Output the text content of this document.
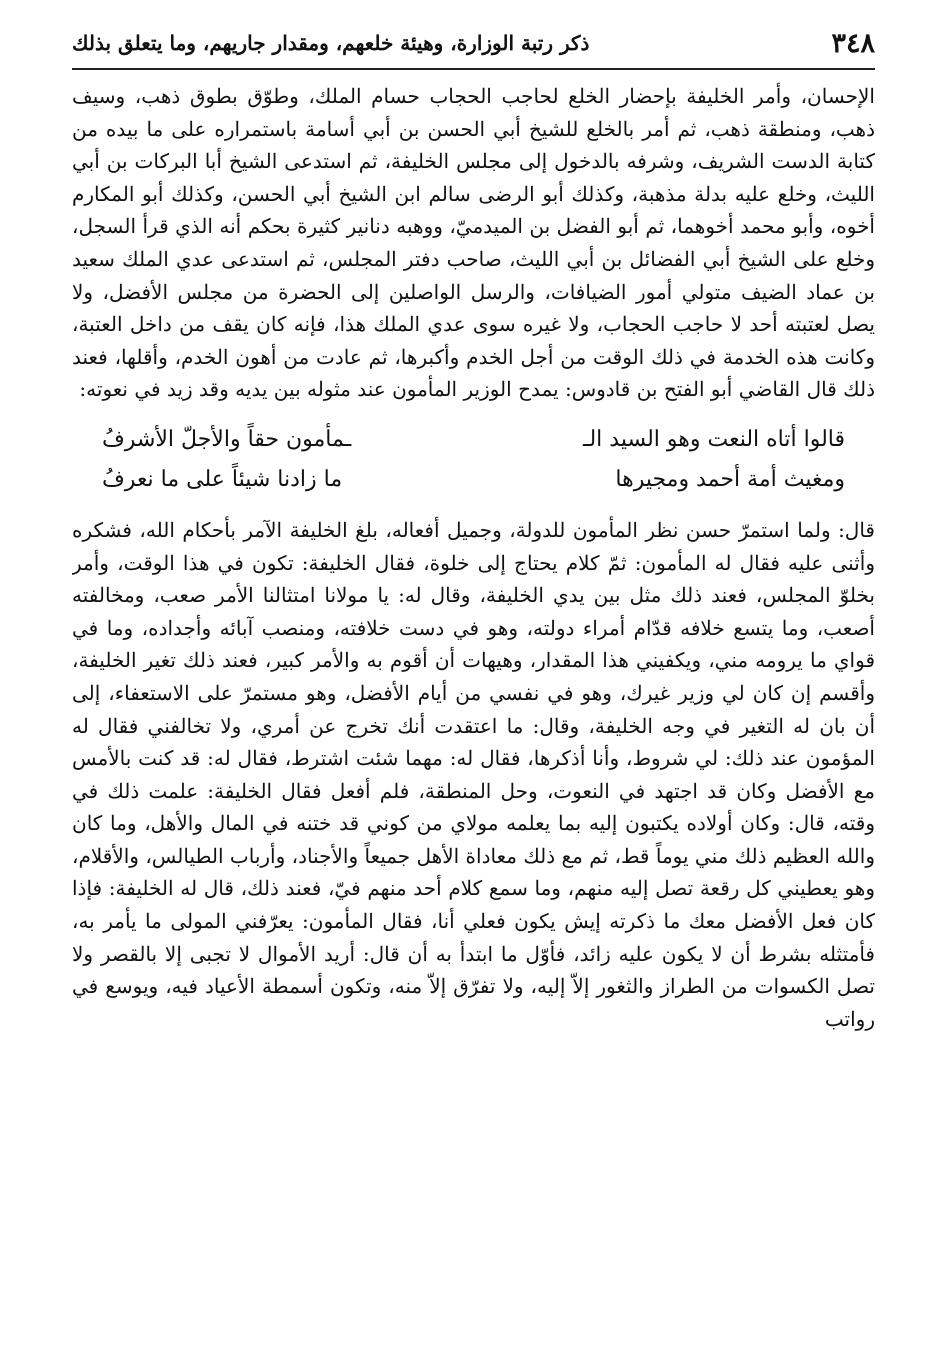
٣٤٨
ذكر رتبة الوزارة، وهيئة خلعهم، ومقدار جاريهم، وما يتعلق بذلك

الإحسان، وأمر الخليفة بإحضار الخلع لحاجب الحجاب حسام الملك، وطوّق بطوق ذهب، وسيف ذهب، ومنطقة ذهب، ثم أمر بالخلع للشيخ أبي الحسن بن أبي أسامة باستمراره على ما بيده من كتابة الدست الشريف، وشرفه بالدخول إلى مجلس الخليفة، ثم استدعى الشيخ أبا البركات بن أبي الليث، وخلع عليه بدلة مذهبة، وكذلك أبو الرضى سالم ابن الشيخ أبي الحسن، وكذلك أبو المكارم أخوه، وأبو محمد أخوهما، ثم أبو الفضل بن الميدميّ، ووهبه دنانير كثيرة بحكم أنه الذي قرأ السجل، وخلع على الشيخ أبي الفضائل بن أبي الليث، صاحب دفتر المجلس، ثم استدعى عدي الملك سعيد بن عماد الضيف متولي أمور الضيافات، والرسل الواصلين إلى الحضرة من مجلس الأفضل، ولا يصل لعتبته أحد لا حاجب الحجاب، ولا غيره سوى عدي الملك هذا، فإنه كان يقف من داخل العتبة، وكانت هذه الخدمة في ذلك الوقت من أجل الخدم وأكبرها، ثم عادت من أهون الخدم، وأقلها، فعند ذلك قال القاضي أبو الفتح بن قادوس: يمدح الوزير المأمون عند مثوله بين يديه وقد زيد في نعوته:

قالوا أتاه النعت وهو السيد الـ
ـمأمون حقاً والأجلّ الأشرفُ
ومغيث أمة أحمد ومجيرها
ما زادنا شيئاً على ما نعرفُ

قال: ولما استمرّ حسن نظر المأمون للدولة، وجميل أفعاله، بلغ الخليفة الآمر بأحكام الله، فشكره وأثنى عليه فقال له المأمون: ثمّ كلام يحتاج إلى خلوة، فقال الخليفة: تكون في هذا الوقت، وأمر بخلوّ المجلس، فعند ذلك مثل بين يدي الخليفة، وقال له: يا مولانا امتثالنا الأمر صعب، ومخالفته أصعب، وما يتسع خلافه قدّام أمراء دولته، وهو في دست خلافته، ومنصب آبائه وأجداده، وما في قواي ما يرومه مني، ويكفيني هذا المقدار، وهيهات أن أقوم به والأمر كبير، فعند ذلك تغير الخليفة، وأقسم إن كان لي وزير غيرك، وهو في نفسي من أيام الأفضل، وهو مستمرّ على الاستعفاء، إلى أن بان له التغير في وجه الخليفة، وقال: ما اعتقدت أنك تخرج عن أمري، ولا تخالفني فقال له المؤمون عند ذلك: لي شروط، وأنا أذكرها، فقال له: مهما شئت اشترط، فقال له: قد كنت بالأمس مع الأفضل وكان قد اجتهد في النعوت، وحل المنطقة، فلم أفعل فقال الخليفة: علمت ذلك في وقته، قال: وكان أولاده يكتبون إليه بما يعلمه مولاي من كوني قد ختنه في المال والأهل، وما كان والله العظيم ذلك مني يوماً قط، ثم مع ذلك معاداة الأهل جميعاً والأجناد، وأرباب الطيالس، والأقلام، وهو يعطيني كل رقعة تصل إليه منهم، وما سمع كلام أحد منهم فيّ، فعند ذلك، قال له الخليفة: فإذا كان فعل الأفضل معك ما ذكرته إيش يكون فعلي أنا، فقال المأمون: يعرّفني المولى ما يأمر به، فأمتثله بشرط أن لا يكون عليه زائد، فأوّل ما ابتدأ به أن قال: أريد الأموال لا تجبى إلا بالقصر ولا تصل الكسوات من الطراز والثغور إلاّ إليه، ولا تفرّق إلاّ منه، وتكون أسمطة الأعياد فيه، ويوسع في رواتب
